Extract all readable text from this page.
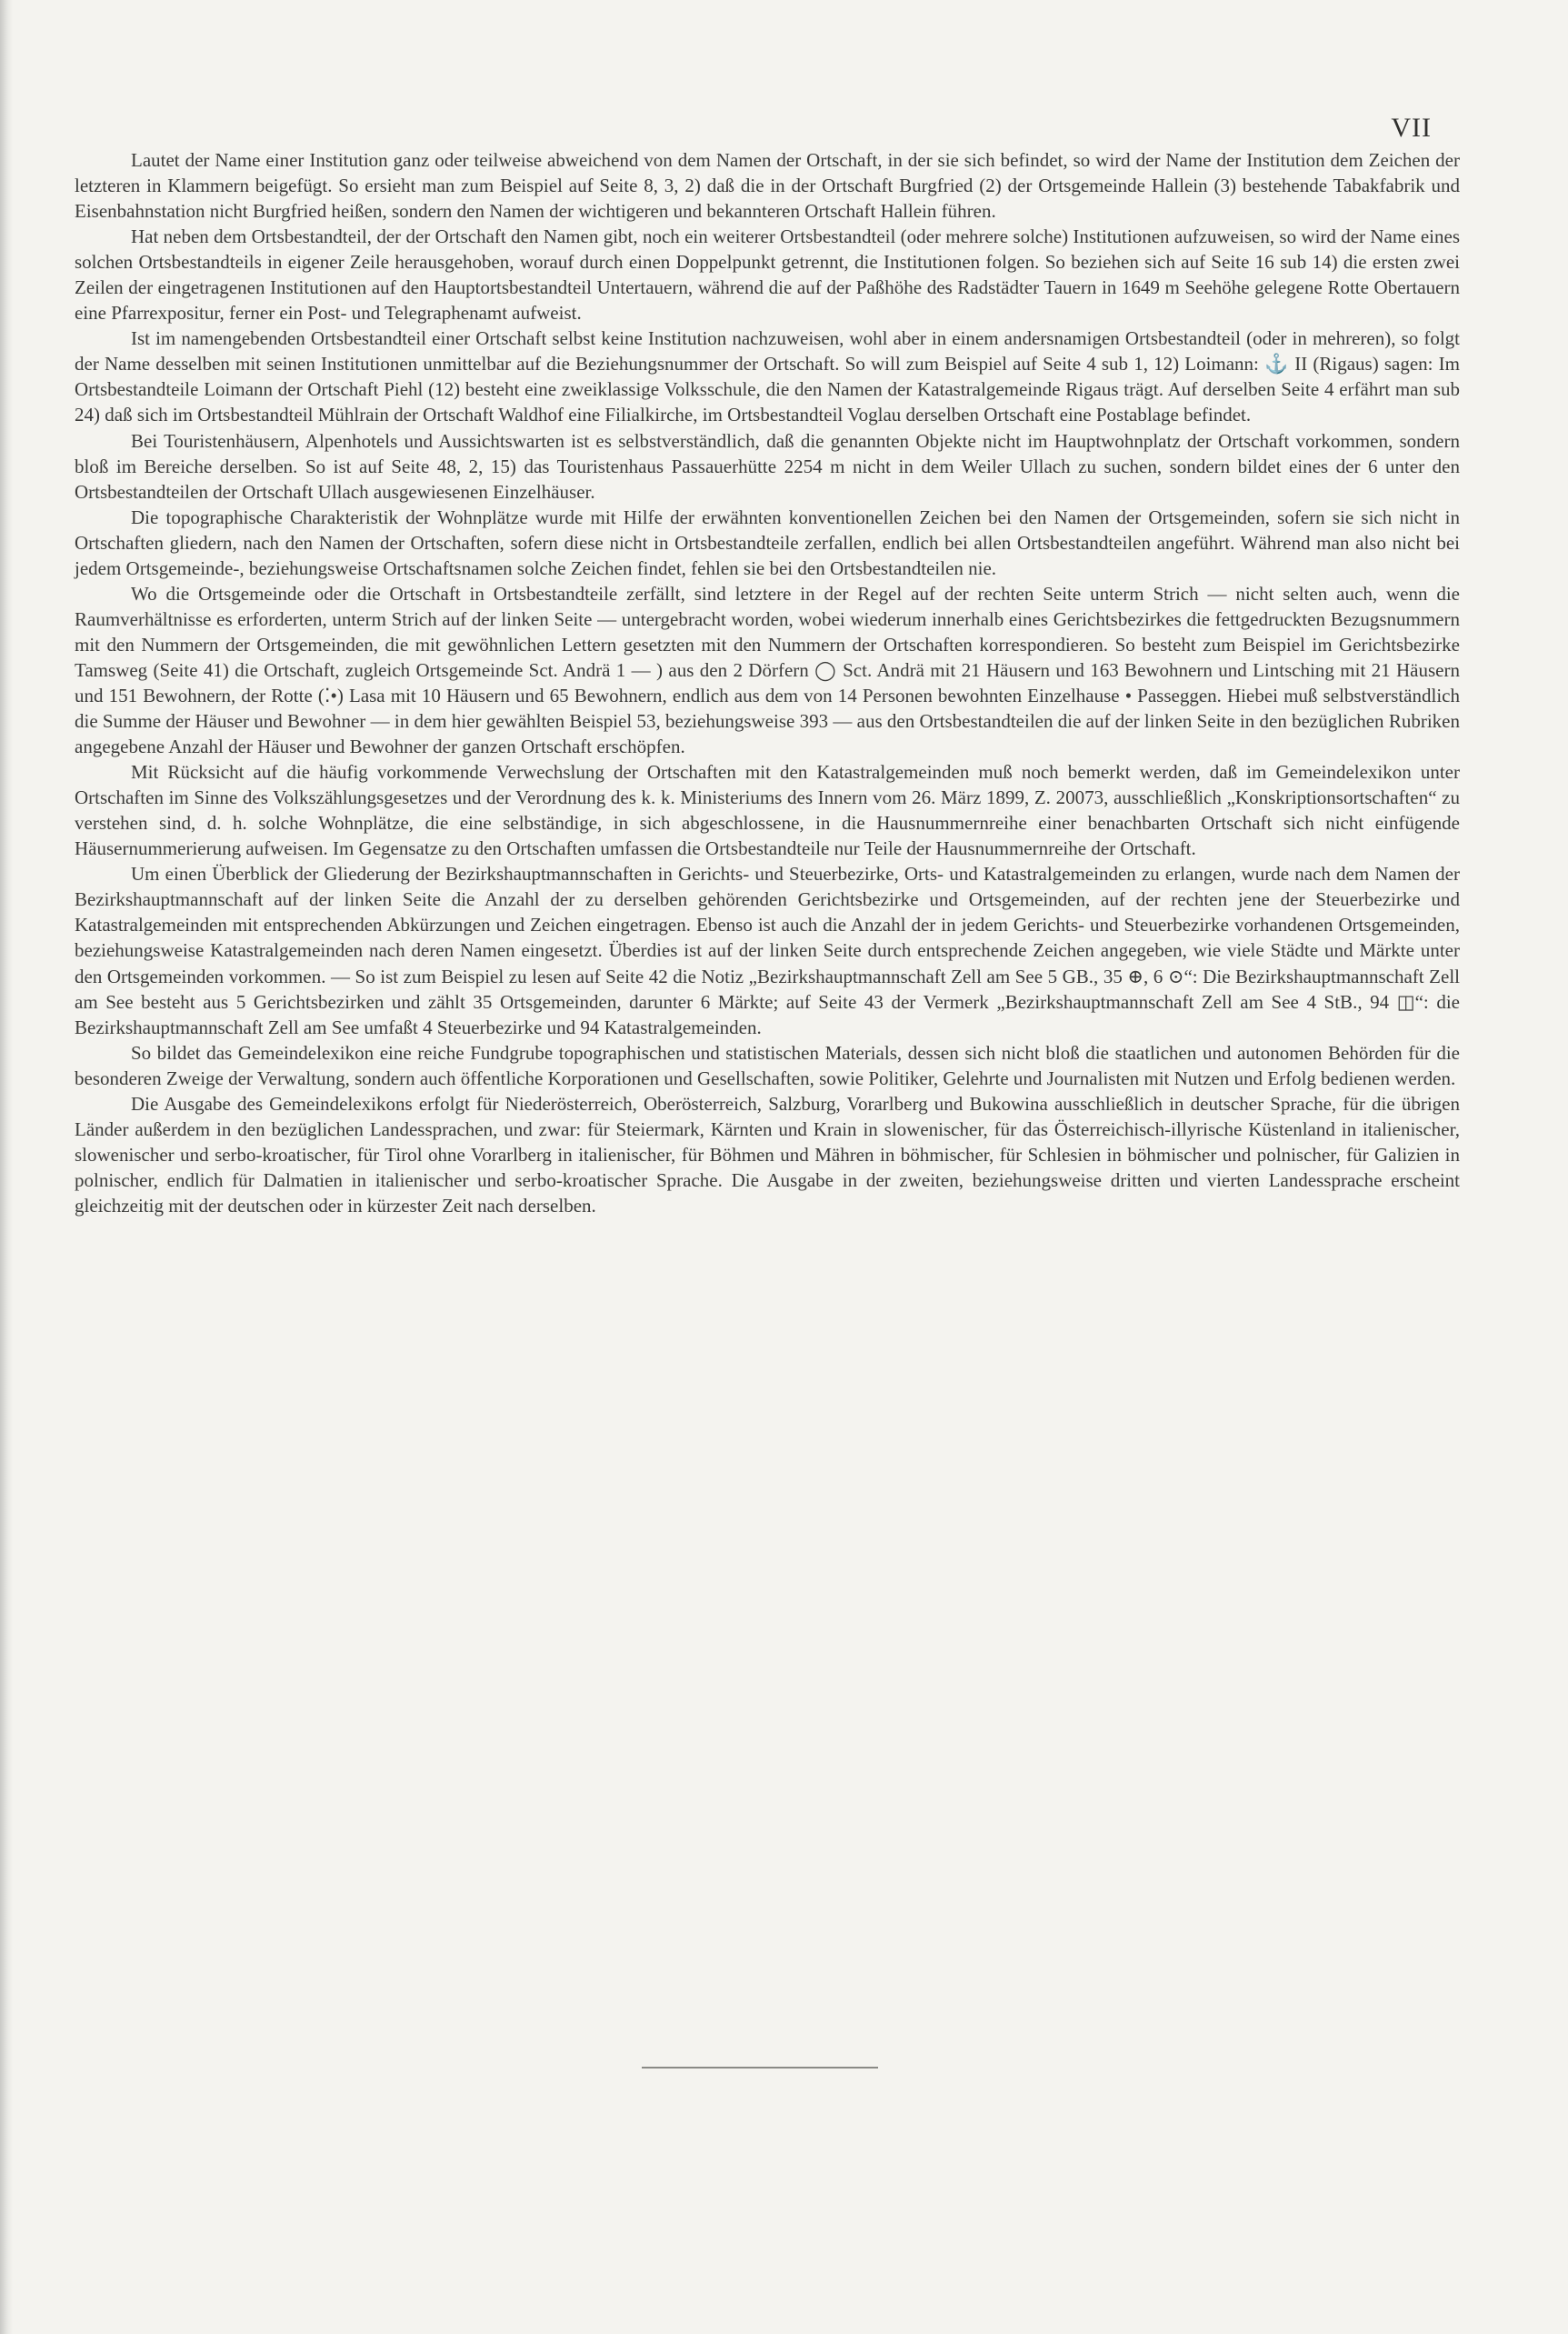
VII

Lautet der Name einer Institution ganz oder teilweise abweichend von dem Namen der Ortschaft, in der sie sich befindet, so wird der Name der Institution dem Zeichen der letzteren in Klammern beigefügt. So ersieht man zum Beispiel auf Seite 8, 3, 2) daß die in der Ortschaft Burgfried (2) der Ortsgemeinde Hallein (3) bestehende Tabakfabrik und Eisenbahnstation nicht Burgfried heißen, sondern den Namen der wichtigeren und bekannteren Ortschaft Hallein führen.

Hat neben dem Ortsbestandteil, der der Ortschaft den Namen gibt, noch ein weiterer Ortsbestandteil (oder mehrere solche) Institutionen aufzuweisen, so wird der Name eines solchen Ortsbestandteils in eigener Zeile herausgehoben, worauf durch einen Doppelpunkt getrennt, die Institutionen folgen. So beziehen sich auf Seite 16 sub 14) die ersten zwei Zeilen der eingetragenen Institutionen auf den Hauptortsbestandteil Untertauern, während die auf der Paßhöhe des Radstädter Tauern in 1649 m Seehöhe gelegene Rotte Obertauern eine Pfarrexpositur, ferner ein Post- und Telegraphenamt aufweist.

Ist im namengebenden Ortsbestandteil einer Ortschaft selbst keine Institution nachzuweisen, wohl aber in einem andersnamigen Ortsbestandteil (oder in mehreren), so folgt der Name desselben mit seinen Institutionen unmittelbar auf die Beziehungsnummer der Ortschaft. So will zum Beispiel auf Seite 4 sub 1, 12) Loimann: ⚓ II (Rigaus) sagen: Im Ortsbestandteile Loimann der Ortschaft Piehl (12) besteht eine zweiklassige Volksschule, die den Namen der Katastralgemeinde Rigaus trägt. Auf derselben Seite 4 erfährt man sub 24) daß sich im Ortsbestandteil Mühlrain der Ortschaft Waldhof eine Filialkirche, im Ortsbestandteil Voglau derselben Ortschaft eine Postablage befindet.

Bei Touristenhäusern, Alpenhotels und Aussichtswarten ist es selbstverständlich, daß die genannten Objekte nicht im Hauptwohnplatz der Ortschaft vorkommen, sondern bloß im Bereiche derselben. So ist auf Seite 48, 2, 15) das Touristenhaus Passauerhütte 2254 m nicht in dem Weiler Ullach zu suchen, sondern bildet eines der 6 unter den Ortsbestandteilen der Ortschaft Ullach ausgewiesenen Einzelhäuser.

Die topographische Charakteristik der Wohnplätze wurde mit Hilfe der erwähnten konventionellen Zeichen bei den Namen der Ortsgemeinden, sofern sie sich nicht in Ortschaften gliedern, nach den Namen der Ortschaften, sofern diese nicht in Ortsbestandteile zerfallen, endlich bei allen Ortsbestandteilen angeführt. Während man also nicht bei jedem Ortsgemeinde-, beziehungsweise Ortschaftsnamen solche Zeichen findet, fehlen sie bei den Ortsbestandteilen nie.

Wo die Ortsgemeinde oder die Ortschaft in Ortsbestandteile zerfällt, sind letztere in der Regel auf der rechten Seite unterm Strich — nicht selten auch, wenn die Raumverhältnisse es erforderten, unterm Strich auf der linken Seite — untergebracht worden, wobei wiederum innerhalb eines Gerichtsbezirkes die fettgedruckten Bezugsnummern mit den Nummern der Ortsgemeinden, die mit gewöhnlichen Lettern gesetzten mit den Nummern der Ortschaften korrespondieren. So besteht zum Beispiel im Gerichtsbezirke Tamsweg (Seite 41) die Ortschaft, zugleich Ortsgemeinde Sct. Andrä 1 — ) aus den 2 Dörfern ◯ Sct. Andrä mit 21 Häusern und 163 Bewohnern und Lintsching mit 21 Häusern und 151 Bewohnern, der Rotte (⁚•) Lasa mit 10 Häusern und 65 Bewohnern, endlich aus dem von 14 Personen bewohnten Einzelhause • Passeggen. Hiebei muß selbstverständlich die Summe der Häuser und Bewohner — in dem hier gewählten Beispiel 53, beziehungsweise 393 — aus den Ortsbestandteilen die auf der linken Seite in den bezüglichen Rubriken angegebene Anzahl der Häuser und Bewohner der ganzen Ortschaft erschöpfen.

Mit Rücksicht auf die häufig vorkommende Verwechslung der Ortschaften mit den Katastralgemeinden muß noch bemerkt werden, daß im Gemeindelexikon unter Ortschaften im Sinne des Volkszählungsgesetzes und der Verordnung des k. k. Ministeriums des Innern vom 26. März 1899, Z. 20073, ausschließlich „Konskriptionsortschaften“ zu verstehen sind, d. h. solche Wohnplätze, die eine selbständige, in sich abgeschlossene, in die Hausnummernreihe einer benachbarten Ortschaft sich nicht einfügende Häusernummerierung aufweisen. Im Gegensatze zu den Ortschaften umfassen die Ortsbestandteile nur Teile der Hausnummernreihe der Ortschaft.

Um einen Überblick der Gliederung der Bezirkshauptmannschaften in Gerichts- und Steuerbezirke, Orts- und Katastralgemeinden zu erlangen, wurde nach dem Namen der Bezirkshauptmannschaft auf der linken Seite die Anzahl der zu derselben gehörenden Gerichtsbezirke und Ortsgemeinden, auf der rechten jene der Steuerbezirke und Katastralgemeinden mit entsprechenden Abkürzungen und Zeichen eingetragen. Ebenso ist auch die Anzahl der in jedem Gerichts- und Steuerbezirke vorhandenen Ortsgemeinden, beziehungsweise Katastralgemeinden nach deren Namen eingesetzt. Überdies ist auf der linken Seite durch entsprechende Zeichen angegeben, wie viele Städte und Märkte unter den Ortsgemeinden vorkommen. — So ist zum Beispiel zu lesen auf Seite 42 die Notiz „Bezirkshauptmannschaft Zell am See 5 GB., 35 ⊕, 6 ⊙“: Die Bezirkshauptmannschaft Zell am See besteht aus 5 Gerichtsbezirken und zählt 35 Ortsgemeinden, darunter 6 Märkte; auf Seite 43 der Vermerk „Bezirkshauptmannschaft Zell am See 4 StB., 94 ◫“: die Bezirkshauptmannschaft Zell am See umfaßt 4 Steuerbezirke und 94 Katastralgemeinden.

So bildet das Gemeindelexikon eine reiche Fundgrube topographischen und statistischen Materials, dessen sich nicht bloß die staatlichen und autonomen Behörden für die besonderen Zweige der Verwaltung, sondern auch öffentliche Korporationen und Gesellschaften, sowie Politiker, Gelehrte und Journalisten mit Nutzen und Erfolg bedienen werden.

Die Ausgabe des Gemeindelexikons erfolgt für Niederösterreich, Oberösterreich, Salzburg, Vorarlberg und Bukowina ausschließlich in deutscher Sprache, für die übrigen Länder außerdem in den bezüglichen Landessprachen, und zwar: für Steiermark, Kärnten und Krain in slowenischer, für das Österreichisch-illyrische Küstenland in italienischer, slowenischer und serbo-kroatischer, für Tirol ohne Vorarlberg in italienischer, für Böhmen und Mähren in böhmischer, für Schlesien in böhmischer und polnischer, für Galizien in polnischer, endlich für Dalmatien in italienischer und serbo-kroatischer Sprache. Die Ausgabe in der zweiten, beziehungsweise dritten und vierten Landessprache erscheint gleichzeitig mit der deutschen oder in kürzester Zeit nach derselben.
